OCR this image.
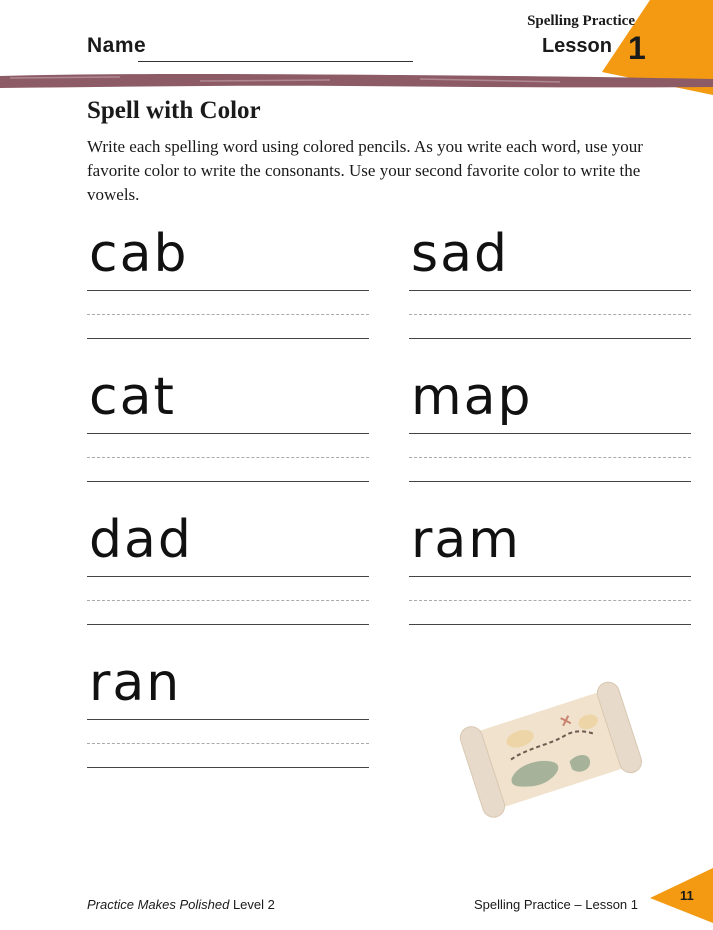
Name
Spelling Practice
Lesson 1
Spell with Color
Write each spelling word using colored pencils. As you write each word, use your favorite color to write the consonants. Use your second favorite color to write the vowels.
cab	sad
cat	map
dad	ram
ran
Practice Makes Polished Level 2	Spelling Practice – Lesson 1
11
